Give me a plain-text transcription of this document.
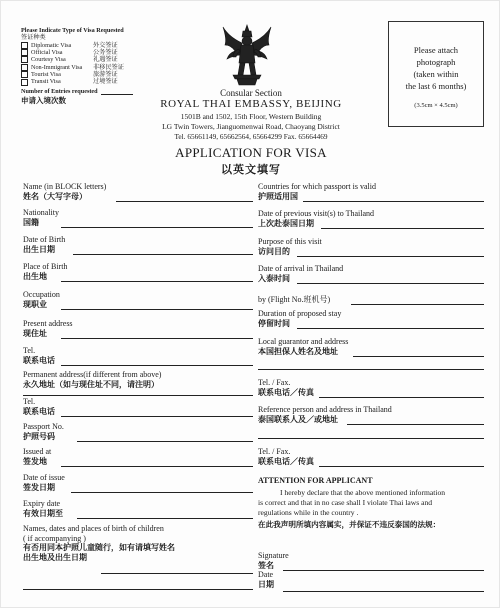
Please Indicate Type of Visa Requested
签证种类
Diplomatic Visa	外交签证
Official Visa	公务签证
Courtesy Visa	礼遇签证
Non-Immigrant Visa	非移民签证
Tourist Visa	旅游签证
Transit Visa	过境签证
Number of Entries requested
申请入境次数
Please attach
photograph
(taken within
the last 6 months)
(3.5cm × 4.5cm)
Consular Section
ROYAL THAI EMBASSY, BEIJING
1501B and 1502, 15th Floor, Western Building
LG Twin Towers, Jianguomenwai Road, Chaoyang District
Tel. 65661149, 65662564, 65664299 Fax. 65664469
APPLICATION FOR VISA
以英文填写
Name (in BLOCK letters)
姓名（大写字母）
Nationality
国籍
Date of Birth
出生日期
Place of Birth
出生地
Occupation
现职业
Present address
现住址
Tel.
联系电话
Permanent address(if different from above)
永久地址（如与现住址不同，请注明）
Tel.
联系电话
Passport No.
护照号码
Issued at
签发地
Date of issue
签发日期
Expiry date
有效日期至
Names, dates and places of birth of children
( if accompanying )
有否用同本护照儿童随行，如有请填写姓名
出生地及出生日期
Countries for which passport is valid
护照适用国
Date of previous visit(s) to Thailand
上次赴泰国日期
Purpose of this visit
访问目的
Date of arrival in Thailand
入泰时间
by (Flight No.班机号)
Duration of proposed stay
停留时间
Local guarantor and address
本国担保人姓名及地址
Tel. / Fax.
联系电话／传真
Reference person and address in Thailand
泰国联系人及／或地址
Tel. / Fax.
联系电话／传真
ATTENTION FOR APPLICANT
I hereby declare that the above mentioned information
is correct and that in no case shall I violate Thai laws and
regulations while in the country .
在此我声明所填内容属实，并保证不违反泰国的法规：
Signature
签名
Date
日期
